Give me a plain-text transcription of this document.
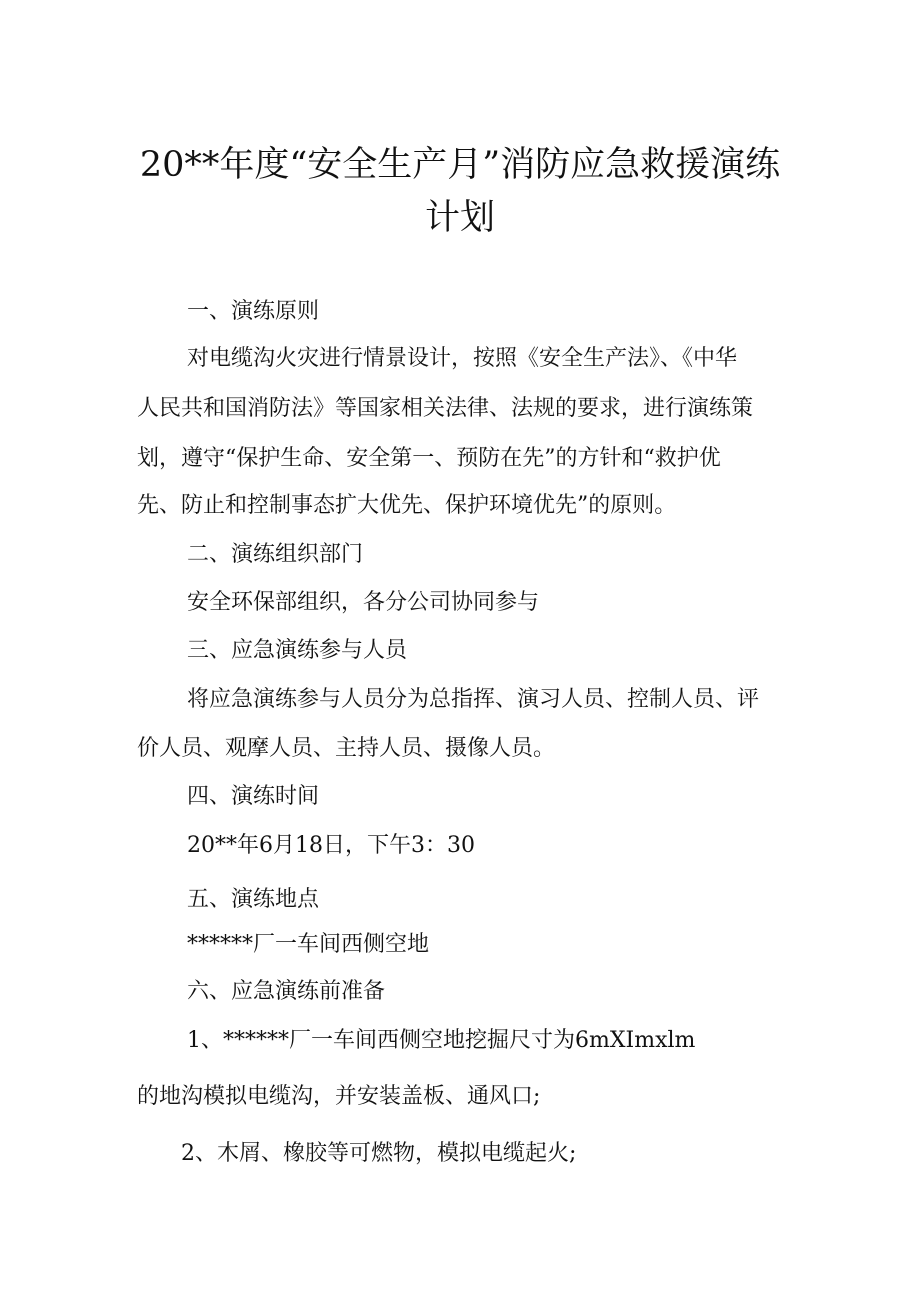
20**年度“安全生产月”消防应急救援演练
计划
一、演练原则
对电缆沟火灾进行情景设计，按照《安全生产法》、《中华
人民共和国消防法》等国家相关法律、法规的要求，进行演练策
划，遵守“保护生命、安全第一、预防在先”的方针和“救护优
先、防止和控制事态扩大优先、保护环境优先”的原则。
二、演练组织部门
安全环保部组织，各分公司协同参与
三、应急演练参与人员
将应急演练参与人员分为总指挥、演习人员、控制人员、评
价人员、观摩人员、主持人员、摄像人员。
四、演练时间
20**年6月18日，下午3：30
五、演练地点
******厂一车间西侧空地
六、应急演练前准备
1、******厂一车间西侧空地挖掘尺寸为6mXImxlm
的地沟模拟电缆沟，并安装盖板、通风口;
2、木屑、橡胶等可燃物，模拟电缆起火;
